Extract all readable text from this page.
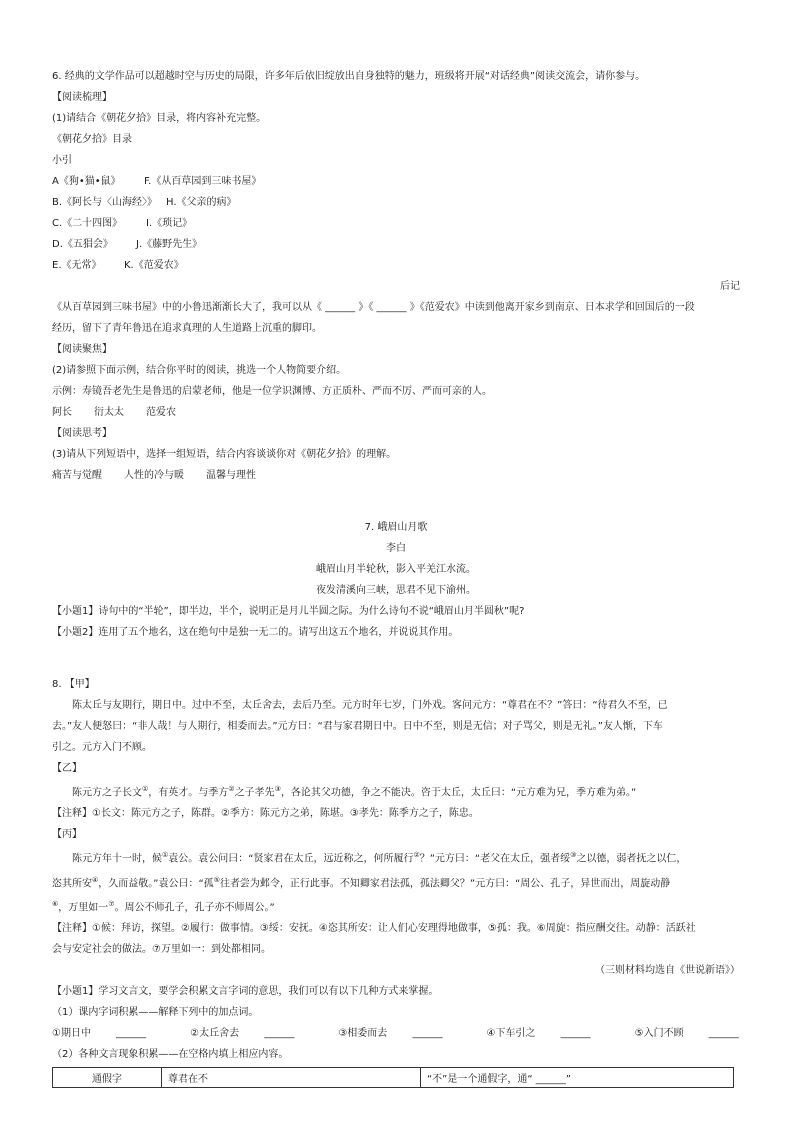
6. 经典的文学作品可以超越时空与历史的局限，许多年后依旧绽放出自身独特的魅力，班级将开展“对话经典”阅读交流会，请你参与。
【阅读梳理】
(1)请结合《朝花夕拾》目录，将内容补充完整。
《朝花夕拾》目录
小引
A《狗•猫•鼠》 F.《从百草园到三味书屋》
B.《阿长与〈山海经〉》 H.《父亲的病》
C.《二十四图》 I.《琐记》
D.《五猖会》 J.《藤野先生》
E.《无常》 K.《范爱农》
后记
《从百草园到三味书屋》中的小鲁迅渐渐长大了，我可以从《 ______ 》《 ______ 》《范爱农》中读到他离开家乡到南京、日本求学和回国后的一段
经历，留下了青年鲁迅在追求真理的人生道路上沉重的脚印。
【阅读聚焦】
(2)请参照下面示例，结合你平时的阅读，挑选一个人物简要介绍。
示例：寿镜吾老先生是鲁迅的启蒙老师，他是一位学识渊博、方正质朴、严而不厉、严而可亲的人。
阿长 衍太太 范爱农
【阅读思考】
(3)请从下列短语中，选择一组短语，结合内容谈谈你对《朝花夕拾》的理解。
痛苦与觉醒 人性的冷与暖 温馨与理性
7. 峨眉山月歌
李白
峨眉山月半轮秋，影入平羌江水流。
夜发清溪向三峡，思君不见下渝州。
【小题1】诗句中的“半轮”，即半边，半个，说明正是月儿半圆之际。为什么诗句不说“峨眉山月半圆秋”呢?
【小题2】连用了五个地名，这在绝句中是独一无二的。请写出这五个地名，并说说其作用。
8. 【甲】
陈太丘与友期行，期日中。过中不至，太丘舍去，去后乃至。元方时年七岁，门外戏。客问元方：“尊君在不？”答曰：“待君久不至，已
去。”友人便怒曰：“非人哉！与人期行，相委而去。”元方曰：“君与家君期日中。日中不至，则是无信；对子骂父，则是无礼。”友人惭，下车
引之。元方入门不顾。
【乙】
陈元方之子长文①，有英才。与季方②之子孝先③，各论其父功德，争之不能决。咨于太丘，太丘曰：“元方难为兄，季方难为弟。”
【注释】①长文：陈元方之子，陈群。②季方：陈元方之弟，陈堪。③孝先：陈季方之子，陈忠。
【丙】
陈元方年十一时，候①袁公。袁公问曰：“贤家君在太丘，远近称之，何所履行②？”元方曰：“老父在太丘，强者绥③之以德，弱者抚之以仁，
恣其所安④，久而益敬。”袁公曰：“孤⑤往者尝为邺令，正行此事。不知卿家君法孤，孤法卿父？”元方曰：“周公、孔子，异世而出，周旋动静
⑥，万里如一⑦。周公不师孔子，孔子亦不师周公。”
【注释】①候：拜访，探望。②履行：做事情。③绥：安抚。④恣其所安：让人们心安理得地做事，⑤孤：我。⑥周旋：指应酬交往。动静：活跃社
会与安定社会的做法。⑦万里如一：到处都相同。
（三则材料均选自《世说新语》）
【小题1】学习文言文，要学会积累文言字词的意思，我们可以有以下几种方式来掌握。
（1）课内字词积累——解释下列中的加点词。
①期日中	______	②太丘舍去	______	③相委而去	______	④下车引之	______	⑤入门不顾	______
（2）各种文言现象积累——在空格内填上相应内容。
通假字	尊君在不	“不”是一个通假字，通“ ______”
